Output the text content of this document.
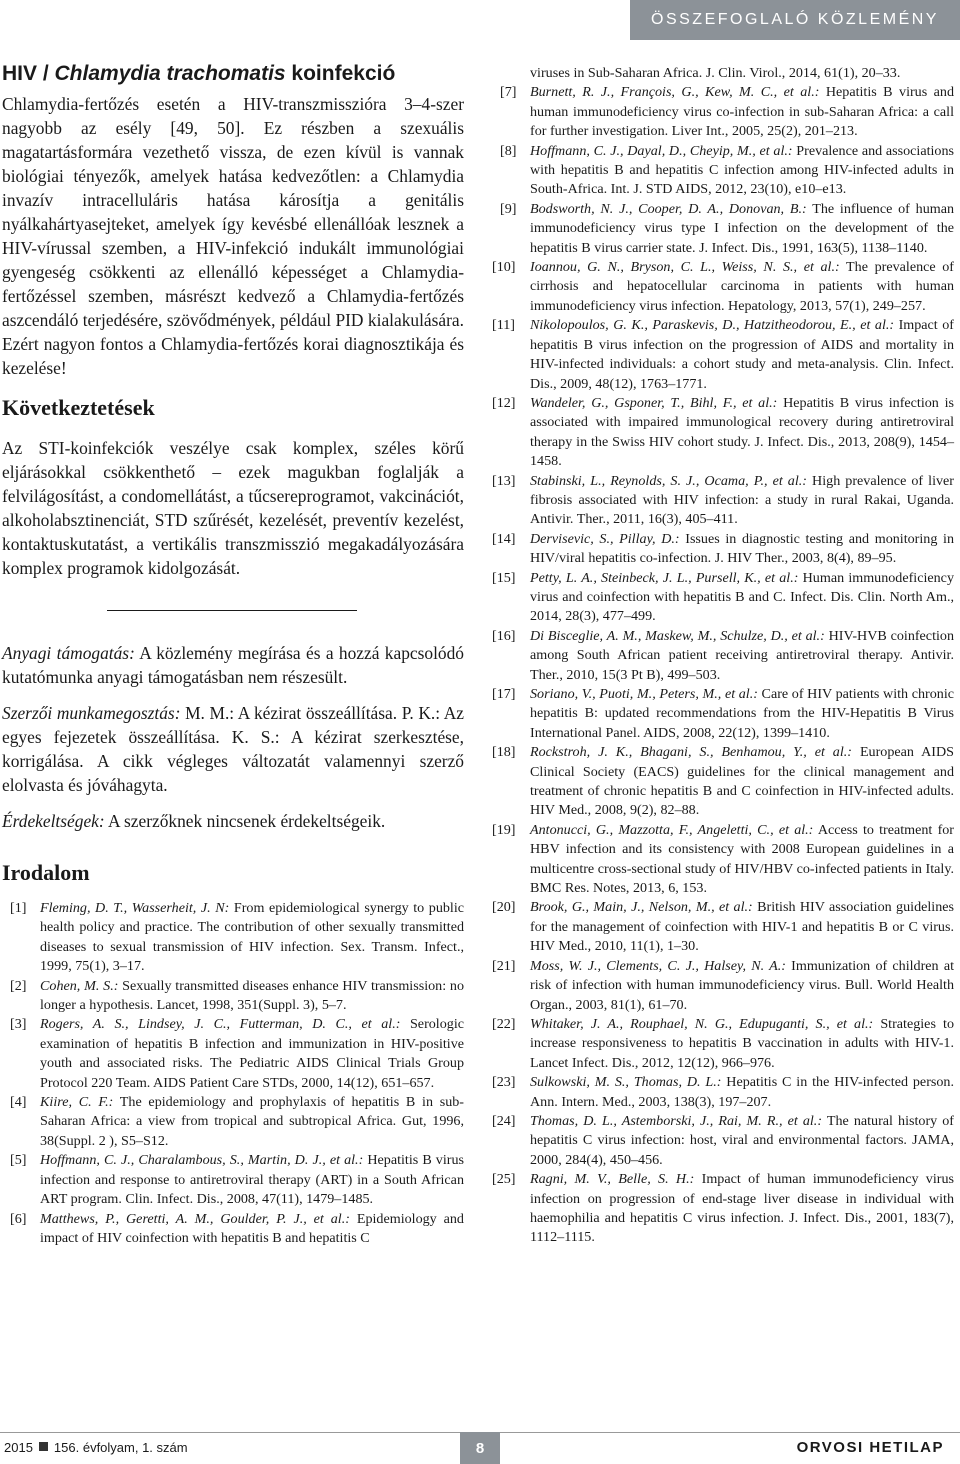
ÖSSZEFOGLALÓ KÖZLEMÉNY
HIV / Chlamydia trachomatis koinfekció

Chlamydia-fertőzés esetén a HIV-transzmisszióra 3–4-szer nagyobb az esély [49, 50]. Ez részben a szexuális magatartásformára vezethető vissza, de ezen kívül is vannak biológiai tényezők, amelyek hatása kedvezőtlen: a Chlamydia invazív intracelluláris hatása károsítja a genitális nyálkahártyasejteket, amelyek így kevésbé ellenállóak lesznek a HIV-vírussal szemben, a HIV-infekció indukált immunológiai gyengeség csökkenti az ellenálló képességet a Chlamydia-fertőzéssel szemben, másrészt kedvező a Chlamydia-fertőzés aszcendáló terjedésére, szövődmények, például PID kialakulására. Ezért nagyon fontos a Chlamydia-fertőzés korai diagnosztikája és kezelése!

Következtetések

Az STI-koinfekciók veszélye csak komplex, széles körű eljárásokkal csökkenthető – ezek magukban foglalják a felvilágosítást, a condomellátást, a tűcsereprogramot, vakcinációt, alkoholabsztinenciát, STD szűrését, kezelését, preventív kezelést, kontaktuskutatást, a vertikális transzmisszió megakadályozására komplex programok kidolgozását.

Anyagi támogatás: A közlemény megírása és a hozzá kapcsolódó kutatómunka anyagi támogatásban nem részesült.

Szerzői munkamegosztás: M. M.: A kézirat összeállítása. P. K.: Az egyes fejezetek összeállítása. K. S.: A kézirat szerkesztése, korrigálása. A cikk végleges változatát valamennyi szerző elolvasta és jóváhagyta.

Érdekeltségek: A szerzőknek nincsenek érdekeltségeik.

Irodalom
[1] Fleming, D. T., Wasserheit, J. N: From epidemiological synergy to public health policy and practice. The contribution of other sexually transmitted diseases to sexual transmission of HIV infection. Sex. Transm. Infect., 1999, 75(1), 3–17.
[2] Cohen, M. S.: Sexually transmitted diseases enhance HIV transmission: no longer a hypothesis. Lancet, 1998, 351(Suppl. 3), 5–7.
[3] Rogers, A. S., Lindsey, J. C., Futterman, D. C., et al.: Serologic examination of hepatitis B infection and immunization in HIV-positive youth and associated risks. The Pediatric AIDS Clinical Trials Group Protocol 220 Team. AIDS Patient Care STDs, 2000, 14(12), 651–657.
[4] Kiire, C. F.: The epidemiology and prophylaxis of hepatitis B in sub-Saharan Africa: a view from tropical and subtropical Africa. Gut, 1996, 38(Suppl. 2 ), S5–S12.
[5] Hoffmann, C. J., Charalambous, S., Martin, D. J., et al.: Hepatitis B virus infection and response to antiretroviral therapy (ART) in a South African ART program. Clin. Infect. Dis., 2008, 47(11), 1479–1485.
[6] Matthews, P., Geretti, A. M., Goulder, P. J., et al.: Epidemiology and impact of HIV coinfection with hepatitis B and hepatitis C

viruses in Sub-Saharan Africa. J. Clin. Virol., 2014, 61(1), 20–33.

[7] Burnett, R. J., François, G., Kew, M. C., et al.: Hepatitis B virus and human immunodeficiency virus co-infection in sub-Saharan Africa: a call for further investigation. Liver Int., 2005, 25(2), 201–213.
[8] Hoffmann, C. J., Dayal, D., Cheyip, M., et al.: Prevalence and associations with hepatitis B and hepatitis C infection among HIV-infected adults in South-Africa. Int. J. STD AIDS, 2012, 23(10), e10–e13.
[9] Bodsworth, N. J., Cooper, D. A., Donovan, B.: The influence of human immunodeficiency virus type I infection on the development of the hepatitis B virus carrier state. J. Infect. Dis., 1991, 163(5), 1138–1140.
[10] Ioannou, G. N., Bryson, C. L., Weiss, N. S., et al.: The prevalence of cirrhosis and hepatocellular carcinoma in patients with human immunodeficiency virus infection. Hepatology, 2013, 57(1), 249–257.
[11] Nikolopoulos, G. K., Paraskevis, D., Hatzitheodorou, E., et al.: Impact of hepatitis B virus infection on the progression of AIDS and mortality in HIV-infected individuals: a cohort study and meta-analysis. Clin. Infect. Dis., 2009, 48(12), 1763–1771.
[12] Wandeler, G., Gsponer, T., Bihl, F., et al.: Hepatitis B virus infection is associated with impaired immunological recovery during antiretroviral therapy in the Swiss HIV cohort study. J. Infect. Dis., 2013, 208(9), 1454–1458.
[13] Stabinski, L., Reynolds, S. J., Ocama, P., et al.: High prevalence of liver fibrosis associated with HIV infection: a study in rural Rakai, Uganda. Antivir. Ther., 2011, 16(3), 405–411.
[14] Dervisevic, S., Pillay, D.: Issues in diagnostic testing and monitoring in HIV/viral hepatitis co-infection. J. HIV Ther., 2003, 8(4), 89–95.
[15] Petty, L. A., Steinbeck, J. L., Pursell, K., et al.: Human immunodeficiency virus and coinfection with hepatitis B and C. Infect. Dis. Clin. North Am., 2014, 28(3), 477–499.
[16] Di Bisceglie, A. M., Maskew, M., Schulze, D., et al.: HIV-HVB coinfection among South African patient receiving antiretroviral therapy. Antivir. Ther., 2010, 15(3 Pt B), 499–503.
[17] Soriano, V., Puoti, M., Peters, M., et al.: Care of HIV patients with chronic hepatitis B: updated recommendations from the HIV-Hepatitis B Virus International Panel. AIDS, 2008, 22(12), 1399–1410.
[18] Rockstroh, J. K., Bhagani, S., Benhamou, Y., et al.: European AIDS Clinical Society (EACS) guidelines for the clinical management and treatment of chronic hepatitis B and C coinfection in HIV-infected adults. HIV Med., 2008, 9(2), 82–88.
[19] Antonucci, G., Mazzotta, F., Angeletti, C., et al.: Access to treatment for HBV infection and its consistency with 2008 European guidelines in a multicentre cross-sectional study of HIV/HBV co-infected patients in Italy. BMC Res. Notes, 2013, 6, 153.
[20] Brook, G., Main, J., Nelson, M., et al.: British HIV association guidelines for the management of coinfection with HIV-1 and hepatitis B or C virus. HIV Med., 2010, 11(1), 1–30.
[21] Moss, W. J., Clements, C. J., Halsey, N. A.: Immunization of children at risk of infection with human immunodeficiency virus. Bull. World Health Organ., 2003, 81(1), 61–70.
[22] Whitaker, J. A., Rouphael, N. G., Edupuganti, S., et al.: Strategies to increase responsiveness to hepatitis B vaccination in adults with HIV-1. Lancet Infect. Dis., 2012, 12(12), 966–976.
[23] Sulkowski, M. S., Thomas, D. L.: Hepatitis C in the HIV-infected person. Ann. Intern. Med., 2003, 138(3), 197–207.
[24] Thomas, D. L., Astemborski, J., Rai, M. R., et al.: The natural history of hepatitis C virus infection: host, viral and environmental factors. JAMA, 2000, 284(4), 450–456.
[25] Ragni, M. V., Belle, S. H.: Impact of human immunodeficiency virus infection on progression of end-stage liver disease in individual with haemophilia and hepatitis C virus infection. J. Infect. Dis., 2001, 183(7), 1112–1115.
2015 156. évfolyam, 1. szám	8	ORVOSI HETILAP
